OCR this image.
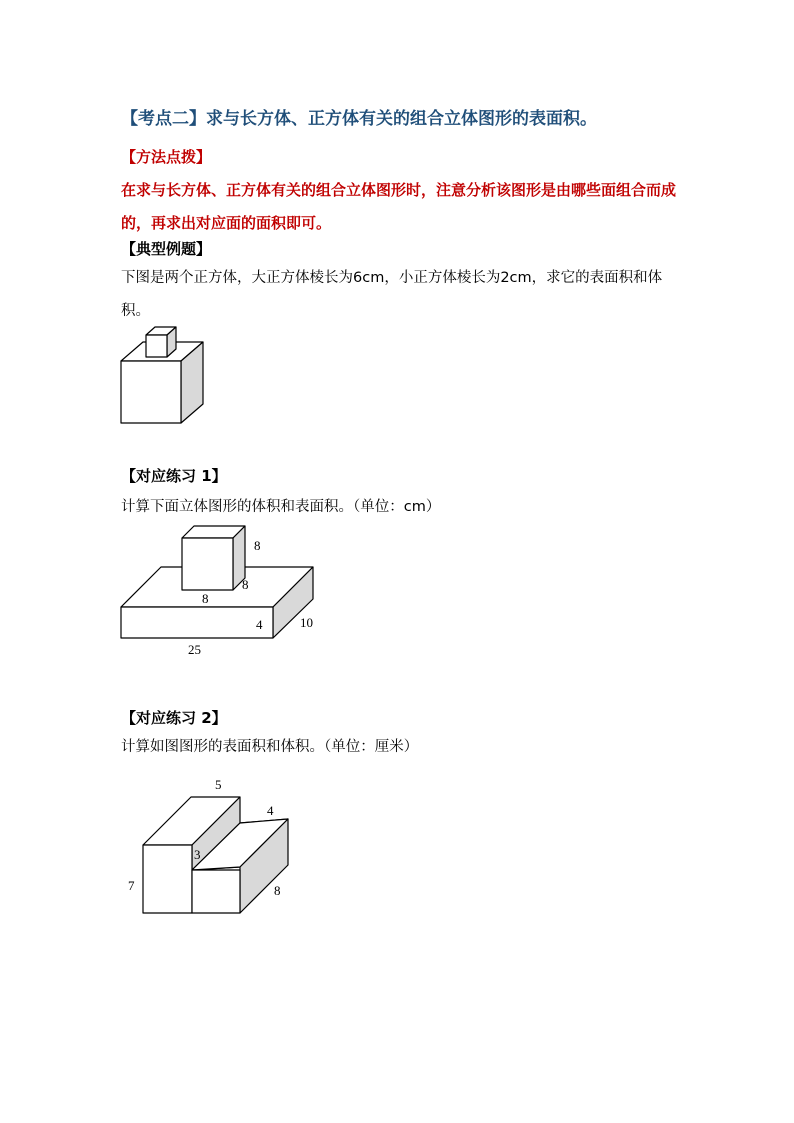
【考点二】求与长方体、正方体有关的组合立体图形的表面积。
【方法点拨】
在求与长方体、正方体有关的组合立体图形时，注意分析该图形是由哪些面组合而成的，再求出对应面的面积即可。
【典型例题】
下图是两个正方体，大正方体棱长为6cm，小正方体棱长为2cm，求它的表面积和体积。
【对应练习 1】
计算下面立体图形的体积和表面积。（单位：cm）
8
8
8
4	10
25
【对应练习 2】
计算如图图形的表面积和体积。（单位：厘米）
5
4
3
7	8
